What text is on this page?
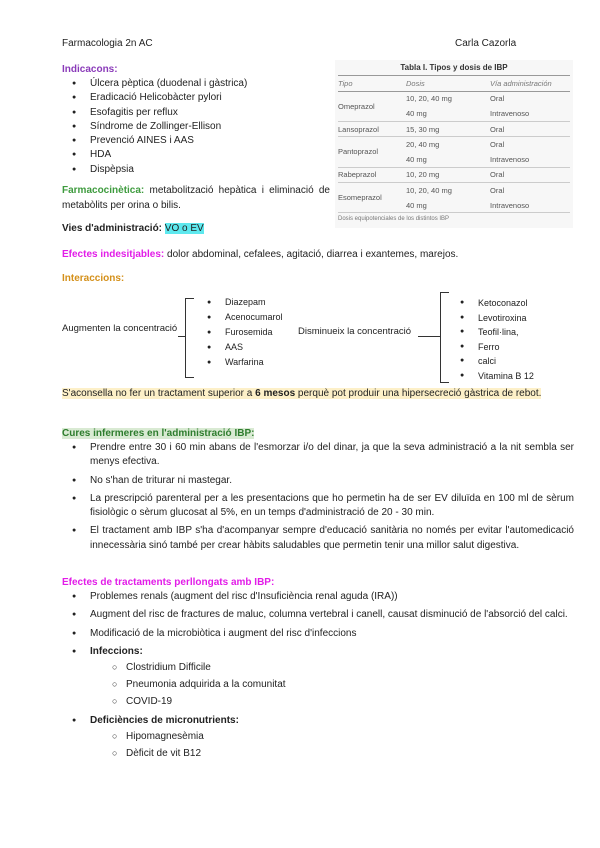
Farmacologia 2n AC	Carla Cazorla
Indicacons:
● Úlcera pèptica (duodenal i gàstrica)
● Eradicació Helicobàcter pylori
● Esofagitis per reflux
● Síndrome de Zollinger-Ellison
● Prevenció AINES i AAS
● HDA
● Dispèpsia
Tabla I. Tipos y dosis de IBP
Tipo	Dosis	Vía administración
Omeprazol	10, 20, 40 mg	Oral
	40 mg	Intravenoso
Lansoprazol	15, 30 mg	Oral
Pantoprazol	20, 40 mg	Oral
	40 mg	Intravenoso
Rabeprazol	10, 20 mg	Oral
Esomeprazol	10, 20, 40 mg	Oral
	40 mg	Intravenoso
Dosis equipotenciales de los distintos IBP
Farmacocinètica: metabolització hepàtica i eliminació de metabòlits per orina o bilis.
Vies d'administració: VO o EV
Efectes indesitjables: dolor abdominal, cefalees, agitació, diarrea i exantemes, marejos.
Interaccions:
Augmenten la concentració
● Diazepam
● Acenocumarol
● Furosemida
● AAS
● Warfarina
Disminueix la concentració
● Ketoconazol
● Levotiroxina
● Teofil·lina,
● Ferro
● calci
● Vitamina B 12
S'aconsella no fer un tractament superior a 6 mesos perquè pot produir una hipersecreció gàstrica de rebot.
Cures infermeres en l'administració IBP:
● Prendre entre 30 i 60 min abans de l'esmorzar i/o del dinar, ja que la seva administració a la nit sembla ser menys efectiva.
● No s'han de triturar ni mastegar.
● La prescripció parenteral per a les presentacions que ho permetin ha de ser EV diluïda en 100 ml de sèrum fisiològic o sèrum glucosat al 5%, en un temps d'administració de 20 - 30 min.
● El tractament amb IBP s'ha d'acompanyar sempre d'educació sanitària no només per evitar l'automedicació innecessària sinó també per crear hàbits saludables que permetin tenir una millor salut digestiva.
Efectes de tractaments perllongats amb IBP:
● Problemes renals (augment del risc d'Insuficiència renal aguda (IRA))
● Augment del risc de fractures de maluc, columna vertebral i canell, causat disminució de l'absorció del calci.
● Modificació de la microbiòtica i augment del risc d'infeccions
● Infeccions:
○ Clostridium Difficile
○ Pneumonia adquirida a la comunitat
○ COVID-19
● Deficiències de micronutrients:
○ Hipomagnesèmia
○ Dèficit de vit B12
